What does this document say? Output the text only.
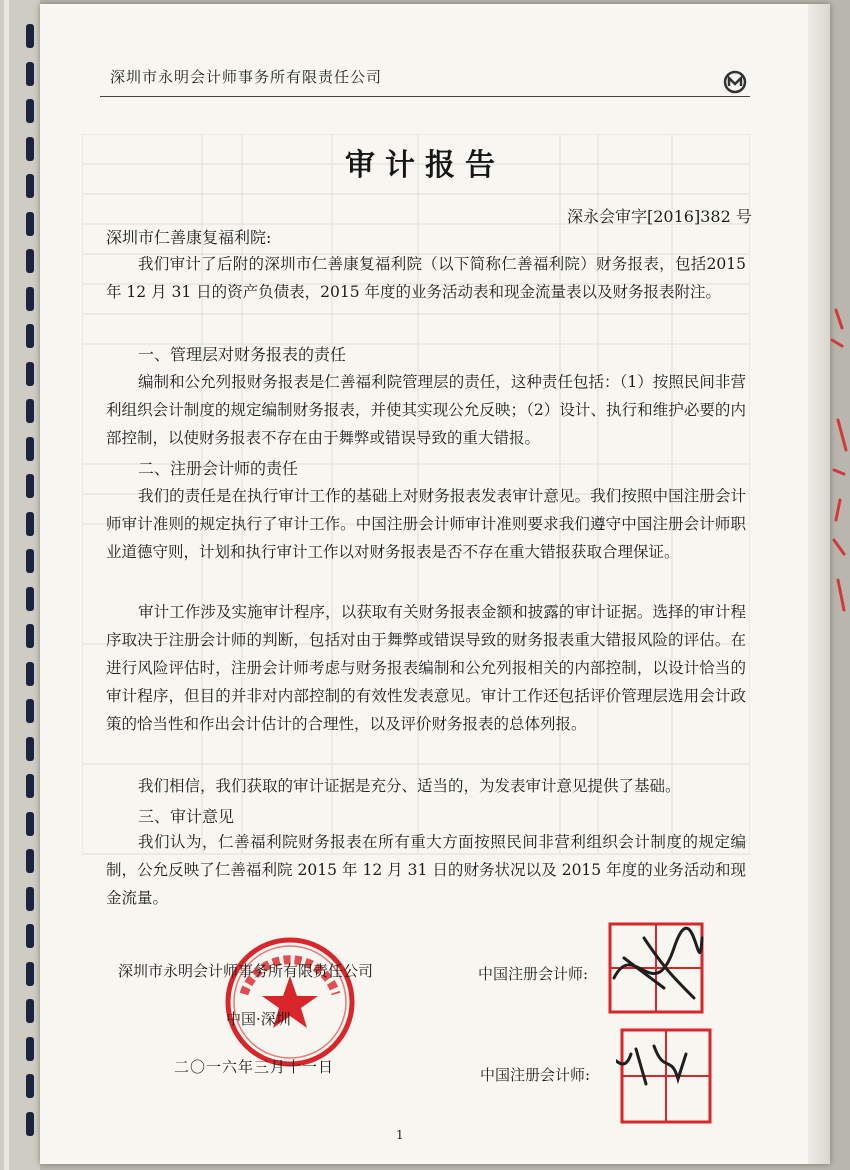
深圳市永明会计师事务所有限责任公司
审计报告
深永会审字[2016]382 号
深圳市仁善康复福利院:

我们审计了后附的深圳市仁善康复福利院（以下简称仁善福利院）财务报表，包括2015 年 12 月 31 日的资产负债表，2015 年度的业务活动表和现金流量表以及财务报表附注。

一、管理层对财务报表的责任

编制和公允列报财务报表是仁善福利院管理层的责任，这种责任包括：（1）按照民间非营利组织会计制度的规定编制财务报表，并使其实现公允反映；（2）设计、执行和维护必要的内部控制，以使财务报表不存在由于舞弊或错误导致的重大错报。

二、注册会计师的责任

我们的责任是在执行审计工作的基础上对财务报表发表审计意见。我们按照中国注册会计师审计准则的规定执行了审计工作。中国注册会计师审计准则要求我们遵守中国注册会计师职业道德守则，计划和执行审计工作以对财务报表是否不存在重大错报获取合理保证。

审计工作涉及实施审计程序，以获取有关财务报表金额和披露的审计证据。选择的审计程序取决于注册会计师的判断，包括对由于舞弊或错误导致的财务报表重大错报风险的评估。在进行风险评估时，注册会计师考虑与财务报表编制和公允列报相关的内部控制，以设计恰当的审计程序，但目的并非对内部控制的有效性发表意见。审计工作还包括评价管理层选用会计政策的恰当性和作出会计估计的合理性，以及评价财务报表的总体列报。

我们相信，我们获取的审计证据是充分、适当的，为发表审计意见提供了基础。

三、审计意见

我们认为，仁善福利院财务报表在所有重大方面按照民间非营利组织会计制度的规定编制，公允反映了仁善福利院 2015 年 12 月 31 日的财务状况以及 2015 年度的业务活动和现金流量。

深圳市永明会计师事务所有限责任公司	中国注册会计师:
中国·深圳
二〇一六年三月十一日	中国注册会计师:
1
